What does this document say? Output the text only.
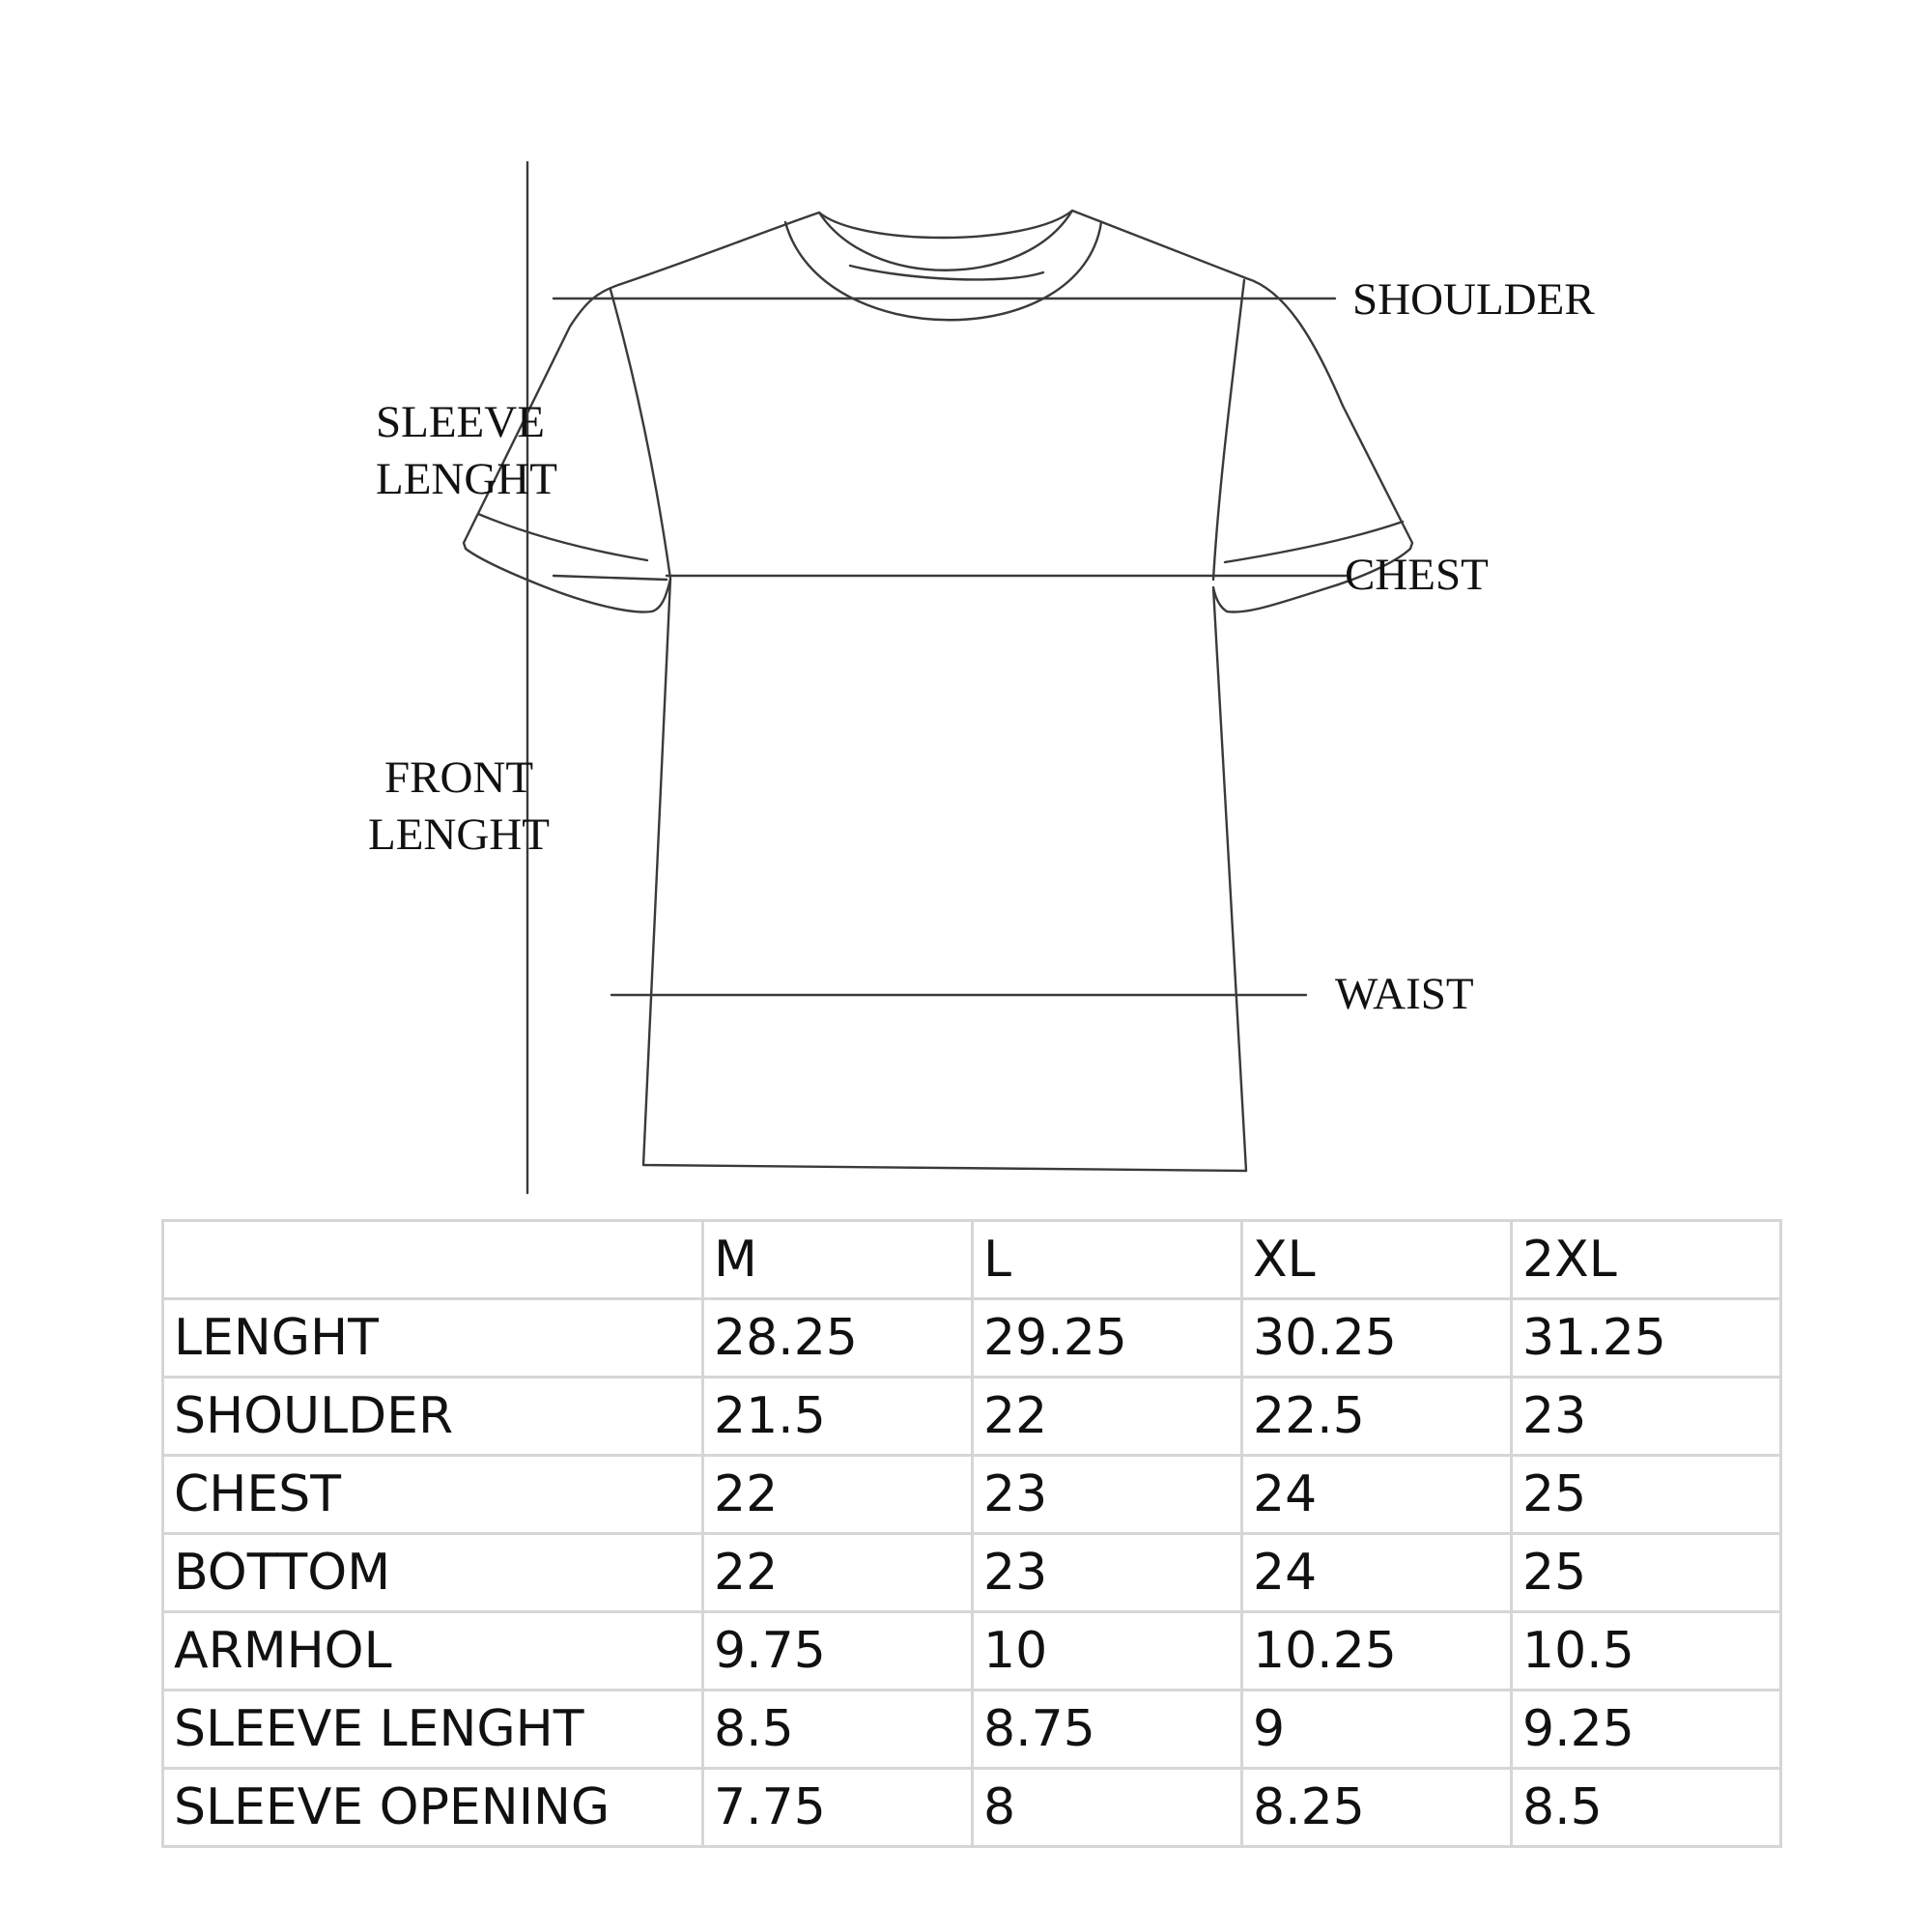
SHOULDER
SLEEVE
LENGHT
CHEST
FRONT
LENGHT
WAIST
	M	L	XL	2XL
LENGHT	28.25	29.25	30.25	31.25
SHOULDER	21.5	22	22.5	23
CHEST	22	23	24	25
BOTTOM	22	23	24	25
ARMHOL	9.75	10	10.25	10.5
SLEEVE LENGHT	8.5	8.75	9	9.25
SLEEVE OPENING	7.75	8	8.25	8.5
